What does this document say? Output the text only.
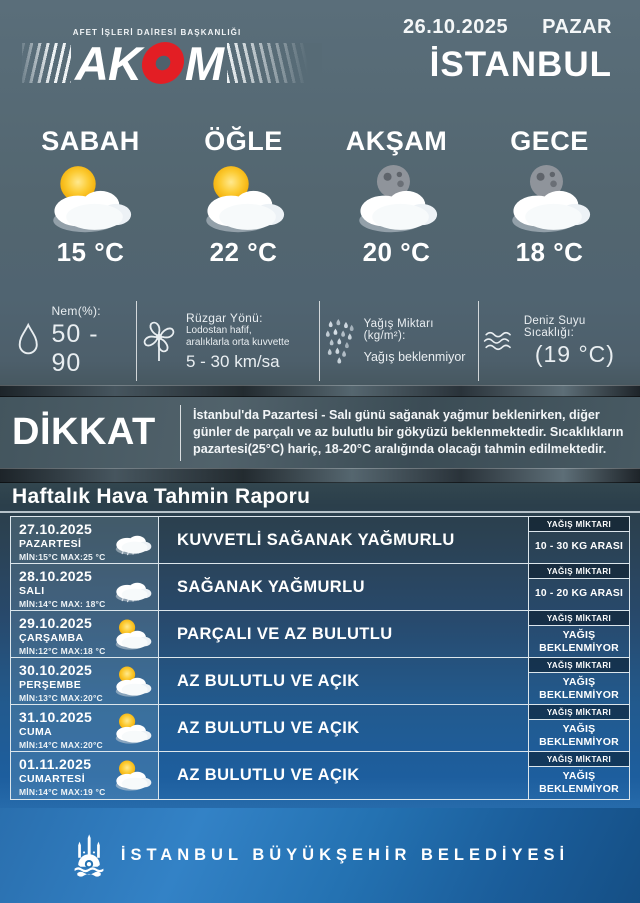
AFET İŞLERİ DAİRESİ BAŞKANLIĞI
AK M
26.10.2025 PAZAR
İSTANBUL
SABAH
15 °C
ÖĞLE
22 °C
AKŞAM
20 °C
GECE
18 °C
Nem(%):
50 - 90
Rüzgar Yönü:
Lodostan hafif,
aralıklarla orta kuvvette
5 - 30 km/sa
Yağış Miktarı (kg/m²):
Yağış beklenmiyor
Deniz Suyu Sıcaklığı:
(19 °C)
DİKKAT	İstanbul'da Pazartesi - Salı günü sağanak yağmur beklenirken, diğer günler de parçalı ve az bulutlu bir gökyüzü beklenmektedir. Sıcaklıkların pazartesi(25°C) hariç, 18-20°C aralığında olacağı tahmin edilmektedir.
Haftalık Hava Tahmin Raporu
27.10.2025
PAZARTESİ
MİN:15°C MAX:25 °C
KUVVETLİ SAĞANAK YAĞMURLU
YAĞIŞ MİKTARI
10 - 30 KG ARASI
28.10.2025
SALI
MİN:14°C MAX: 18°C
SAĞANAK YAĞMURLU
YAĞIŞ MİKTARI
10 - 20 KG ARASI
29.10.2025
ÇARŞAMBA
MİN:12°C MAX:18 °C
PARÇALI VE AZ BULUTLU
YAĞIŞ MİKTARI
YAĞIŞ BEKLENMİYOR
30.10.2025
PERŞEMBE
MİN:13°C MAX:20°C
AZ BULUTLU VE AÇIK
YAĞIŞ MİKTARI
YAĞIŞ BEKLENMİYOR
31.10.2025
CUMA
MİN:14°C MAX:20°C
AZ BULUTLU VE AÇIK
YAĞIŞ MİKTARI
YAĞIŞ BEKLENMİYOR
01.11.2025
CUMARTESİ
MİN:14°C MAX:19 °C
AZ BULUTLU VE AÇIK
YAĞIŞ MİKTARI
YAĞIŞ BEKLENMİYOR
İSTANBUL BÜYÜKŞEHİR BELEDİYESİ
